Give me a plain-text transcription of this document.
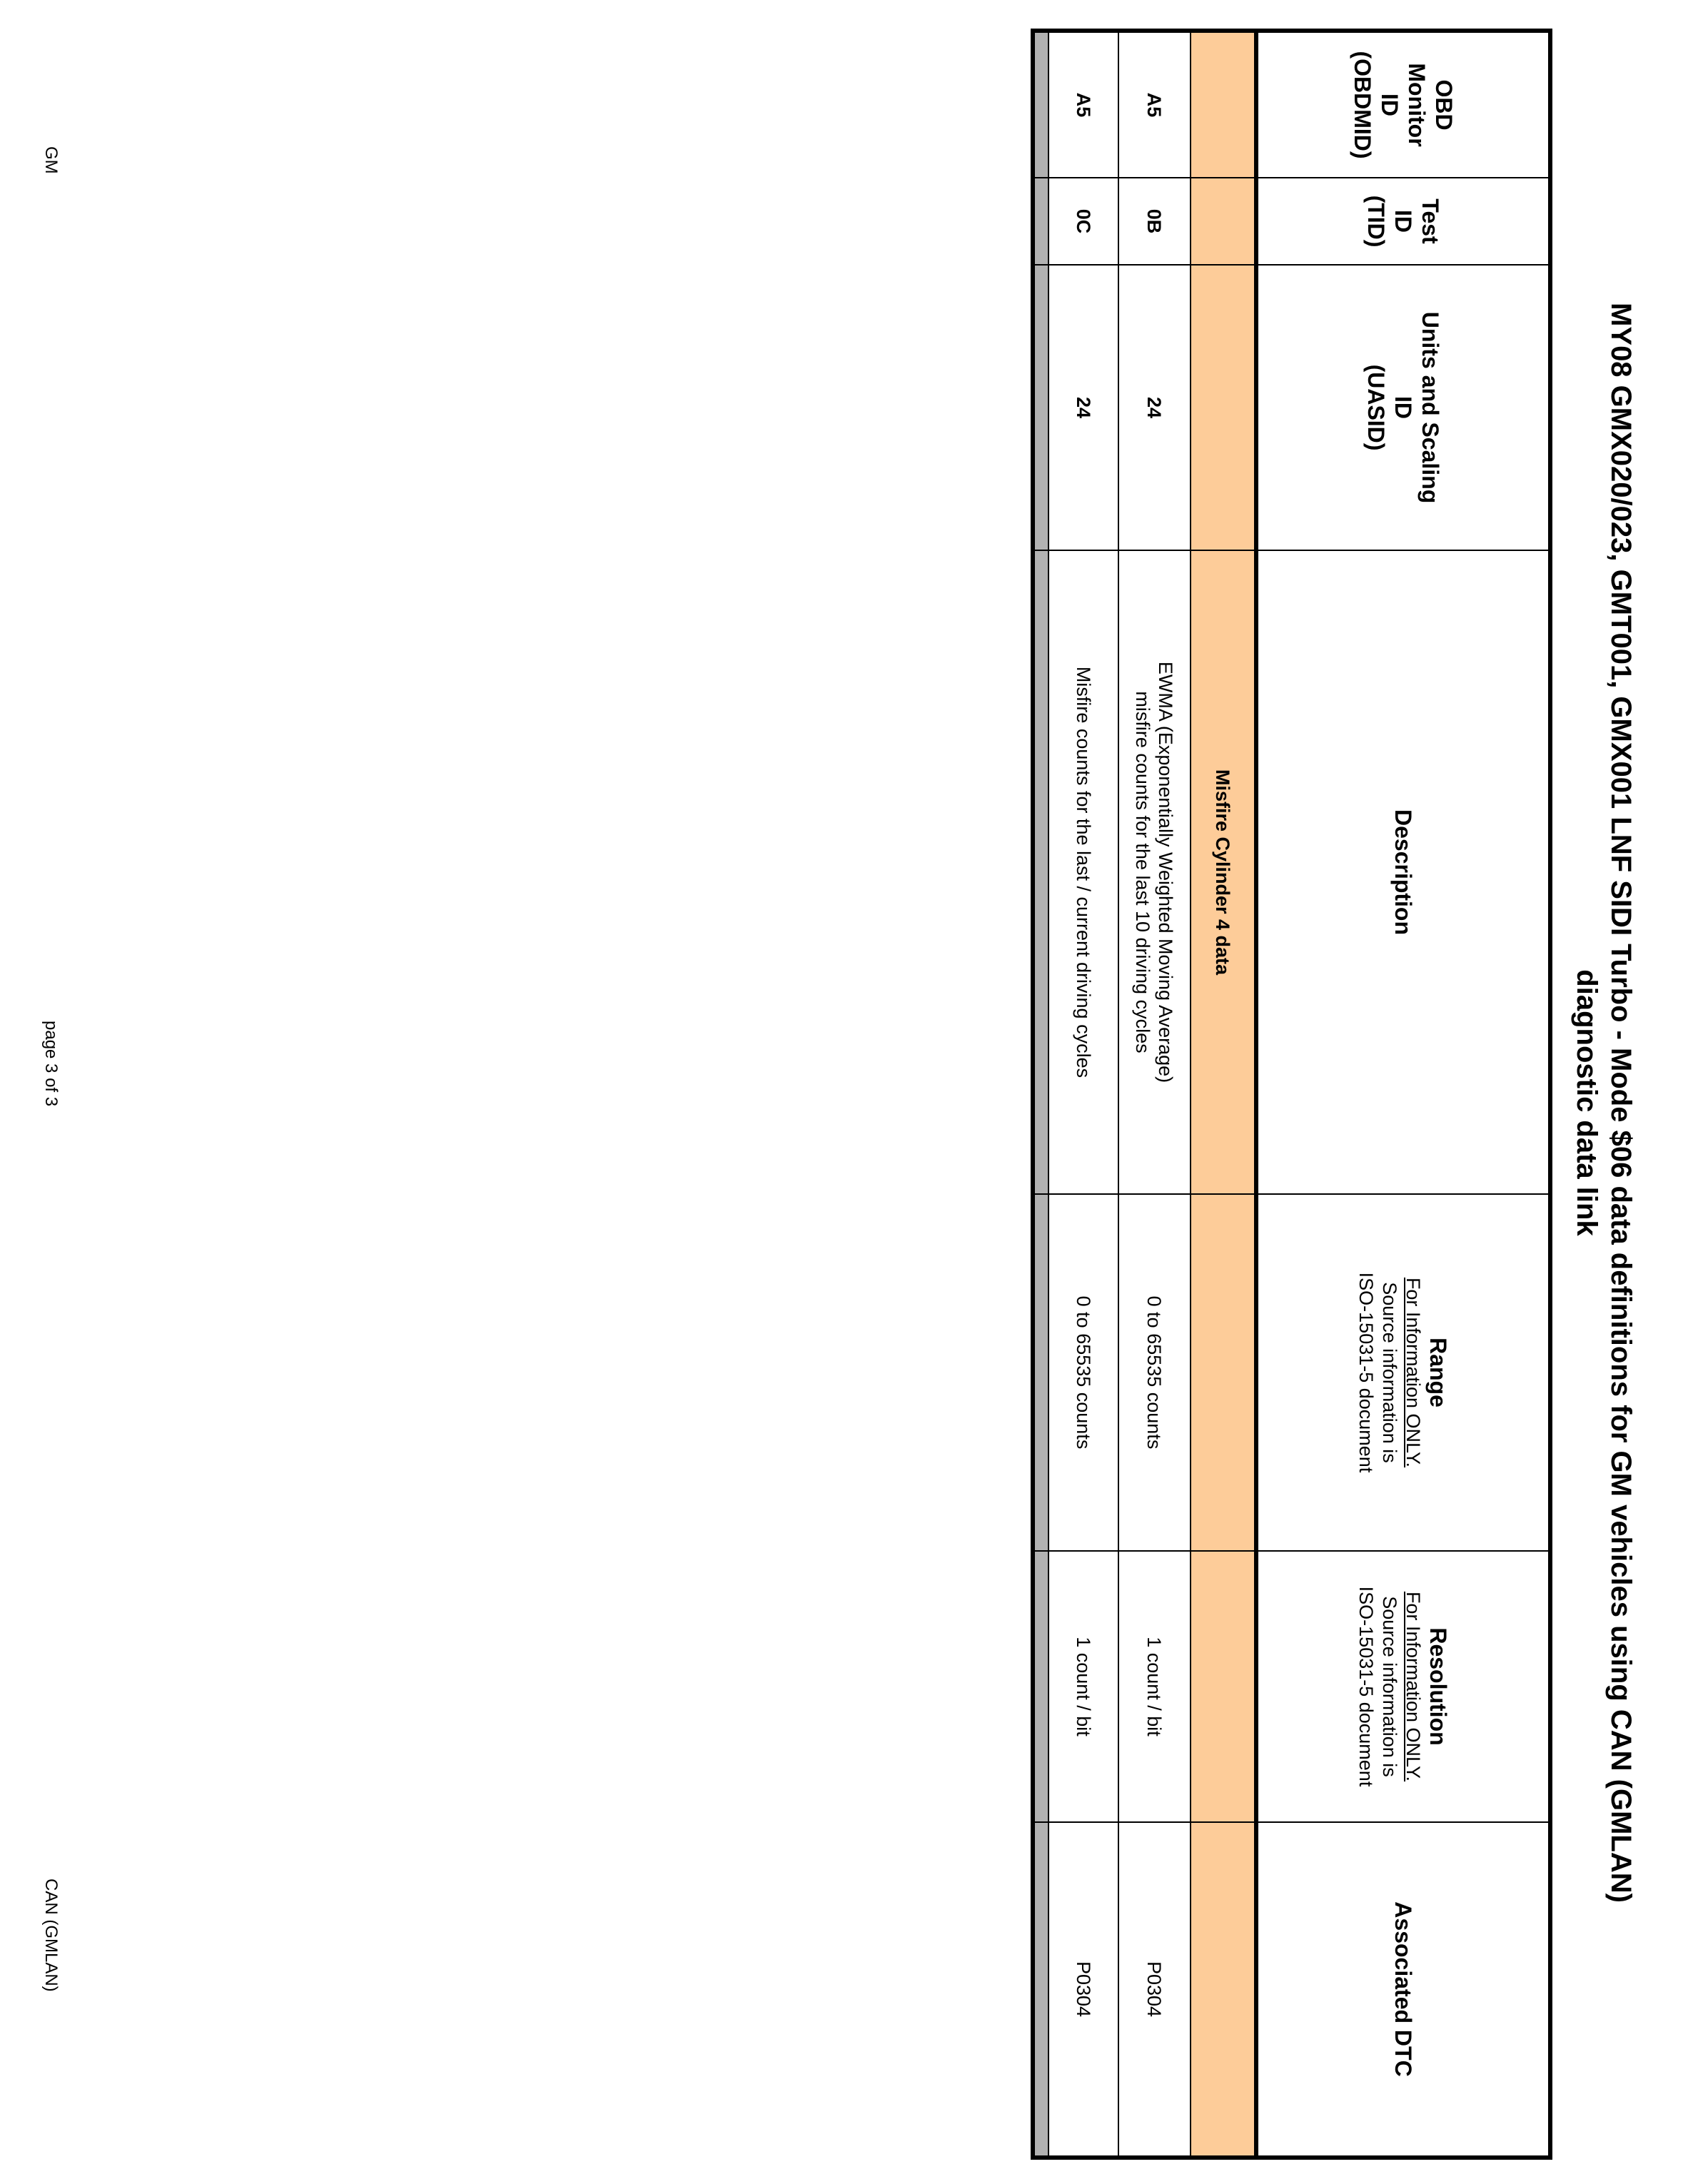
MY08 GMX020/023, GMT001, GMX001 LNF SIDI Turbo - Mode $06 data definitions for GM vehicles using CAN (GMLAN)
diagnostic data link
OBD Monitor
ID
(OBDMID)	Test
ID
(TID)	Units and Scaling
ID
(UASID)	Description	Range
For Information ONLY.
Source information is
ISO-15031-5 document	Resolution
For Information ONLY.
Source information is
ISO-15031-5 document	Associated DTC
			Misfire Cylinder 4 data			
A5	0B	24	EWMA (Exponentially Weighted Moving Average)
misfire counts for the last 10 driving cycles	0 to 65535 counts	1 count / bit	P0304
A5	0C	24	Misfire counts for the last / current driving cycles	0 to 65535 counts	1 count / bit	P0304

GM
page 3 of 3
CAN (GMLAN)
